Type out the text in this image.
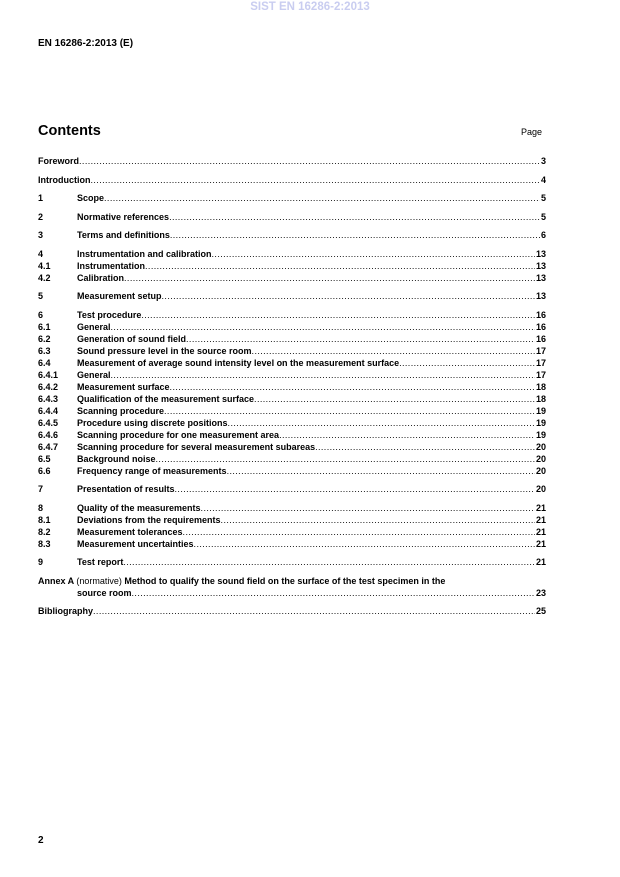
SIST EN 16286-2:2013
EN 16286-2:2013 (E)
Contents	Page
Foreword .....	3
Introduction .....	4
1	Scope .....	5
2	Normative references .....	5
3	Terms and definitions .....	6
4	Instrumentation and calibration .....	13
4.1	Instrumentation .....	13
4.2	Calibration .....	13
5	Measurement setup .....	13
6	Test procedure .....	16
6.1	General .....	16
6.2	Generation of sound field .....	16
6.3	Sound pressure level in the source room .....	17
6.4	Measurement of average sound intensity level on the measurement surface .....	17
6.4.1	General .....	17
6.4.2	Measurement surface .....	18
6.4.3	Qualification of the measurement surface .....	18
6.4.4	Scanning procedure .....	19
6.4.5	Procedure using discrete positions .....	19
6.4.6	Scanning procedure for one measurement area .....	19
6.4.7	Scanning procedure for several measurement subareas .....	20
6.5	Background noise .....	20
6.6	Frequency range of measurements .....	20
7	Presentation of results .....	20
8	Quality of the measurements .....	21
8.1	Deviations from the requirements .....	21
8.2	Measurement tolerances .....	21
8.3	Measurement uncertainties .....	21
9	Test report .....	21
Annex A (normative) Method to qualify the sound field on the surface of the test specimen in the
source room .....	23
Bibliography .....	25
2
